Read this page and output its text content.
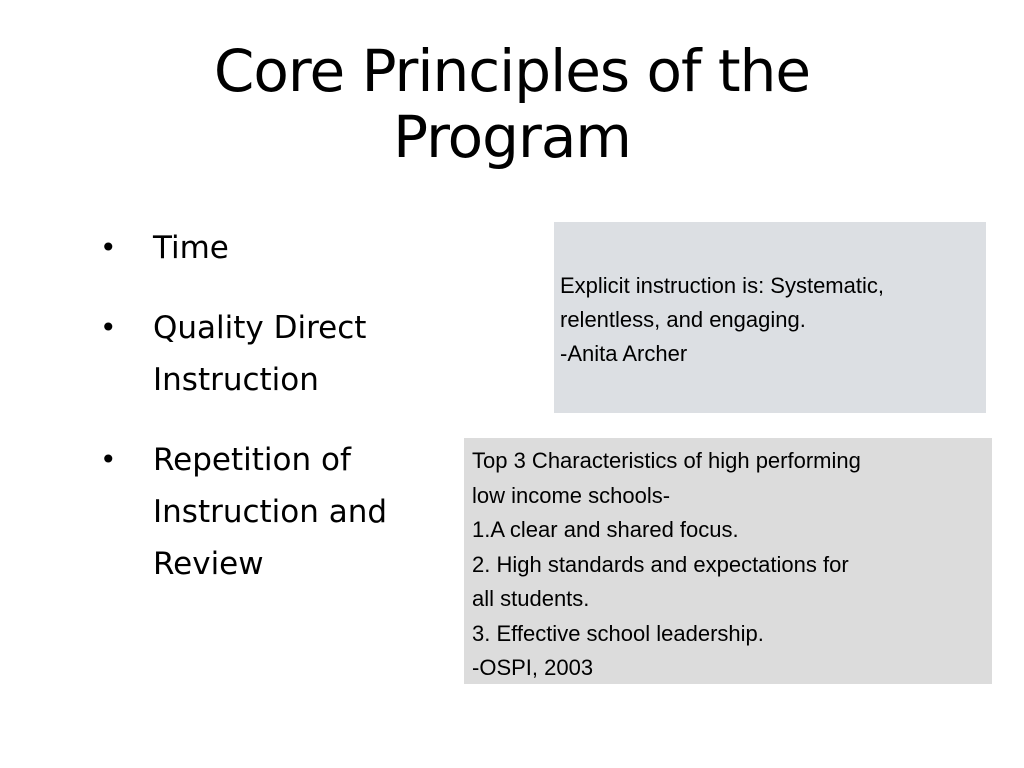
Core Principles of the
Program
• Time
• Quality Direct
Instruction
• Repetition of
Instruction and
Review
Explicit instruction is: Systematic,
relentless, and engaging.
-Anita Archer
Top 3 Characteristics of high performing
low income schools-
1.A clear and shared focus.
2. High standards and expectations for
all students.
3. Effective school leadership.
-OSPI, 2003
